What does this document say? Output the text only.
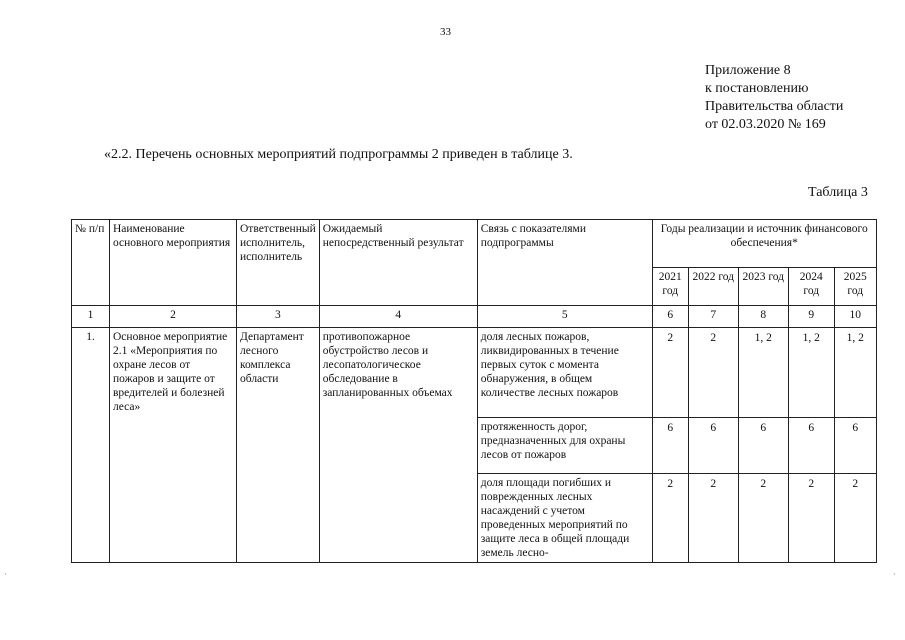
33
Приложение 8
к постановлению
Правительства области
от 02.03.2020 № 169
«2.2. Перечень основных мероприятий подпрограммы 2 приведен в таблице 3.
Таблица 3
№ п/п	Наименование основного мероприятия	Ответственный исполнитель, исполнитель	Ожидаемый непосредственный результат	Связь с показателями подпрограммы	Годы реализации и источник финансового обеспечения*				
					2021 год	2022 год	2023 год	2024 год	2025 год
1	2	3	4	5	6	7	8	9	10
1.	Основное мероприятие 2.1 «Мероприятия по охране лесов от пожаров и защите от вредителей и болезней леса»	Департамент лесного комплекса области	противопожарное обустройство лесов и лесопатологическое обследование в запланированных объемах	доля лесных пожаров, ликвидированных в течение первых суток с момента обнаружения, в общем количестве лесных пожаров	2	2	1, 2	1, 2	1, 2
				протяженность дорог, предназначенных для охраны лесов от пожаров	6	6	6	6	6
				доля площади погибших и поврежденных лесных насаждений с учетом проведенных мероприятий по защите леса в общей площади земель лесно-	2	2	2	2	2
·	·
